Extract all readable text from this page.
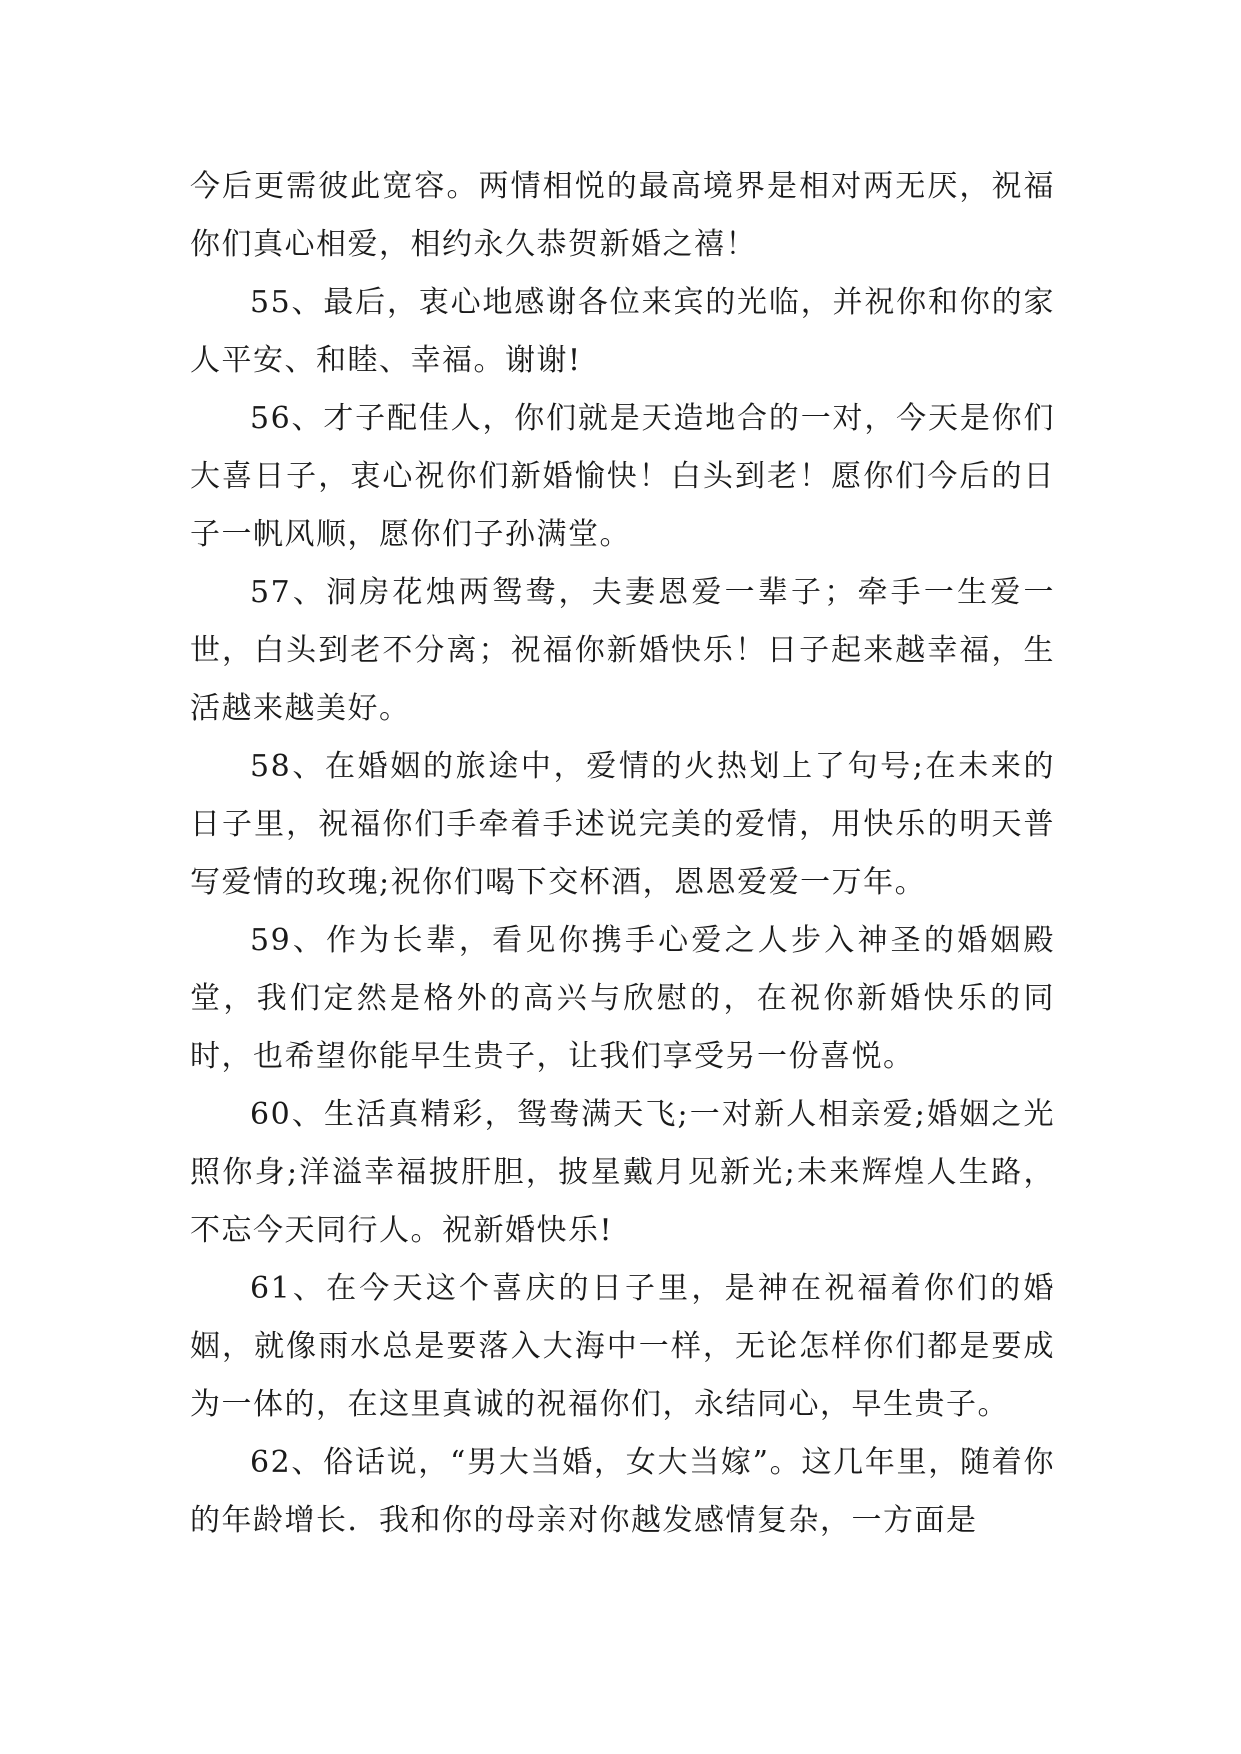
今后更需彼此宽容。两情相悦的最高境界是相对两无厌，祝福你们真心相爱，相约永久恭贺新婚之禧！

55、最后，衷心地感谢各位来宾的光临，并祝你和你的家人平安、和睦、幸福。谢谢!

56、才子配佳人，你们就是天造地合的一对，今天是你们大喜日子，衷心祝你们新婚愉快！白头到老！愿你们今后的日子一帆风顺，愿你们子孙满堂。

57、洞房花烛两鸳鸯，夫妻恩爱一辈子；牵手一生爱一世，白头到老不分离；祝福你新婚快乐！日子起来越幸福，生活越来越美好。

58、在婚姻的旅途中，爱情的火热划上了句号;在未来的日子里，祝福你们手牵着手述说完美的爱情，用快乐的明天普写爱情的玫瑰;祝你们喝下交杯酒，恩恩爱爱一万年。

59、作为长辈，看见你携手心爱之人步入神圣的婚姻殿堂，我们定然是格外的高兴与欣慰的，在祝你新婚快乐的同时，也希望你能早生贵子，让我们享受另一份喜悦。

60、生活真精彩，鸳鸯满天飞;一对新人相亲爱;婚姻之光照你身;洋溢幸福披肝胆，披星戴月见新光;未来辉煌人生路，不忘今天同行人。祝新婚快乐!

61、在今天这个喜庆的日子里，是神在祝福着你们的婚姻，就像雨水总是要落入大海中一样，无论怎样你们都是要成为一体的，在这里真诚的祝福你们，永结同心，早生贵子。

62、俗话说，“男大当婚，女大当嫁”。这几年里，随着你的年龄增长．我和你的母亲对你越发感情复杂，一方面是
